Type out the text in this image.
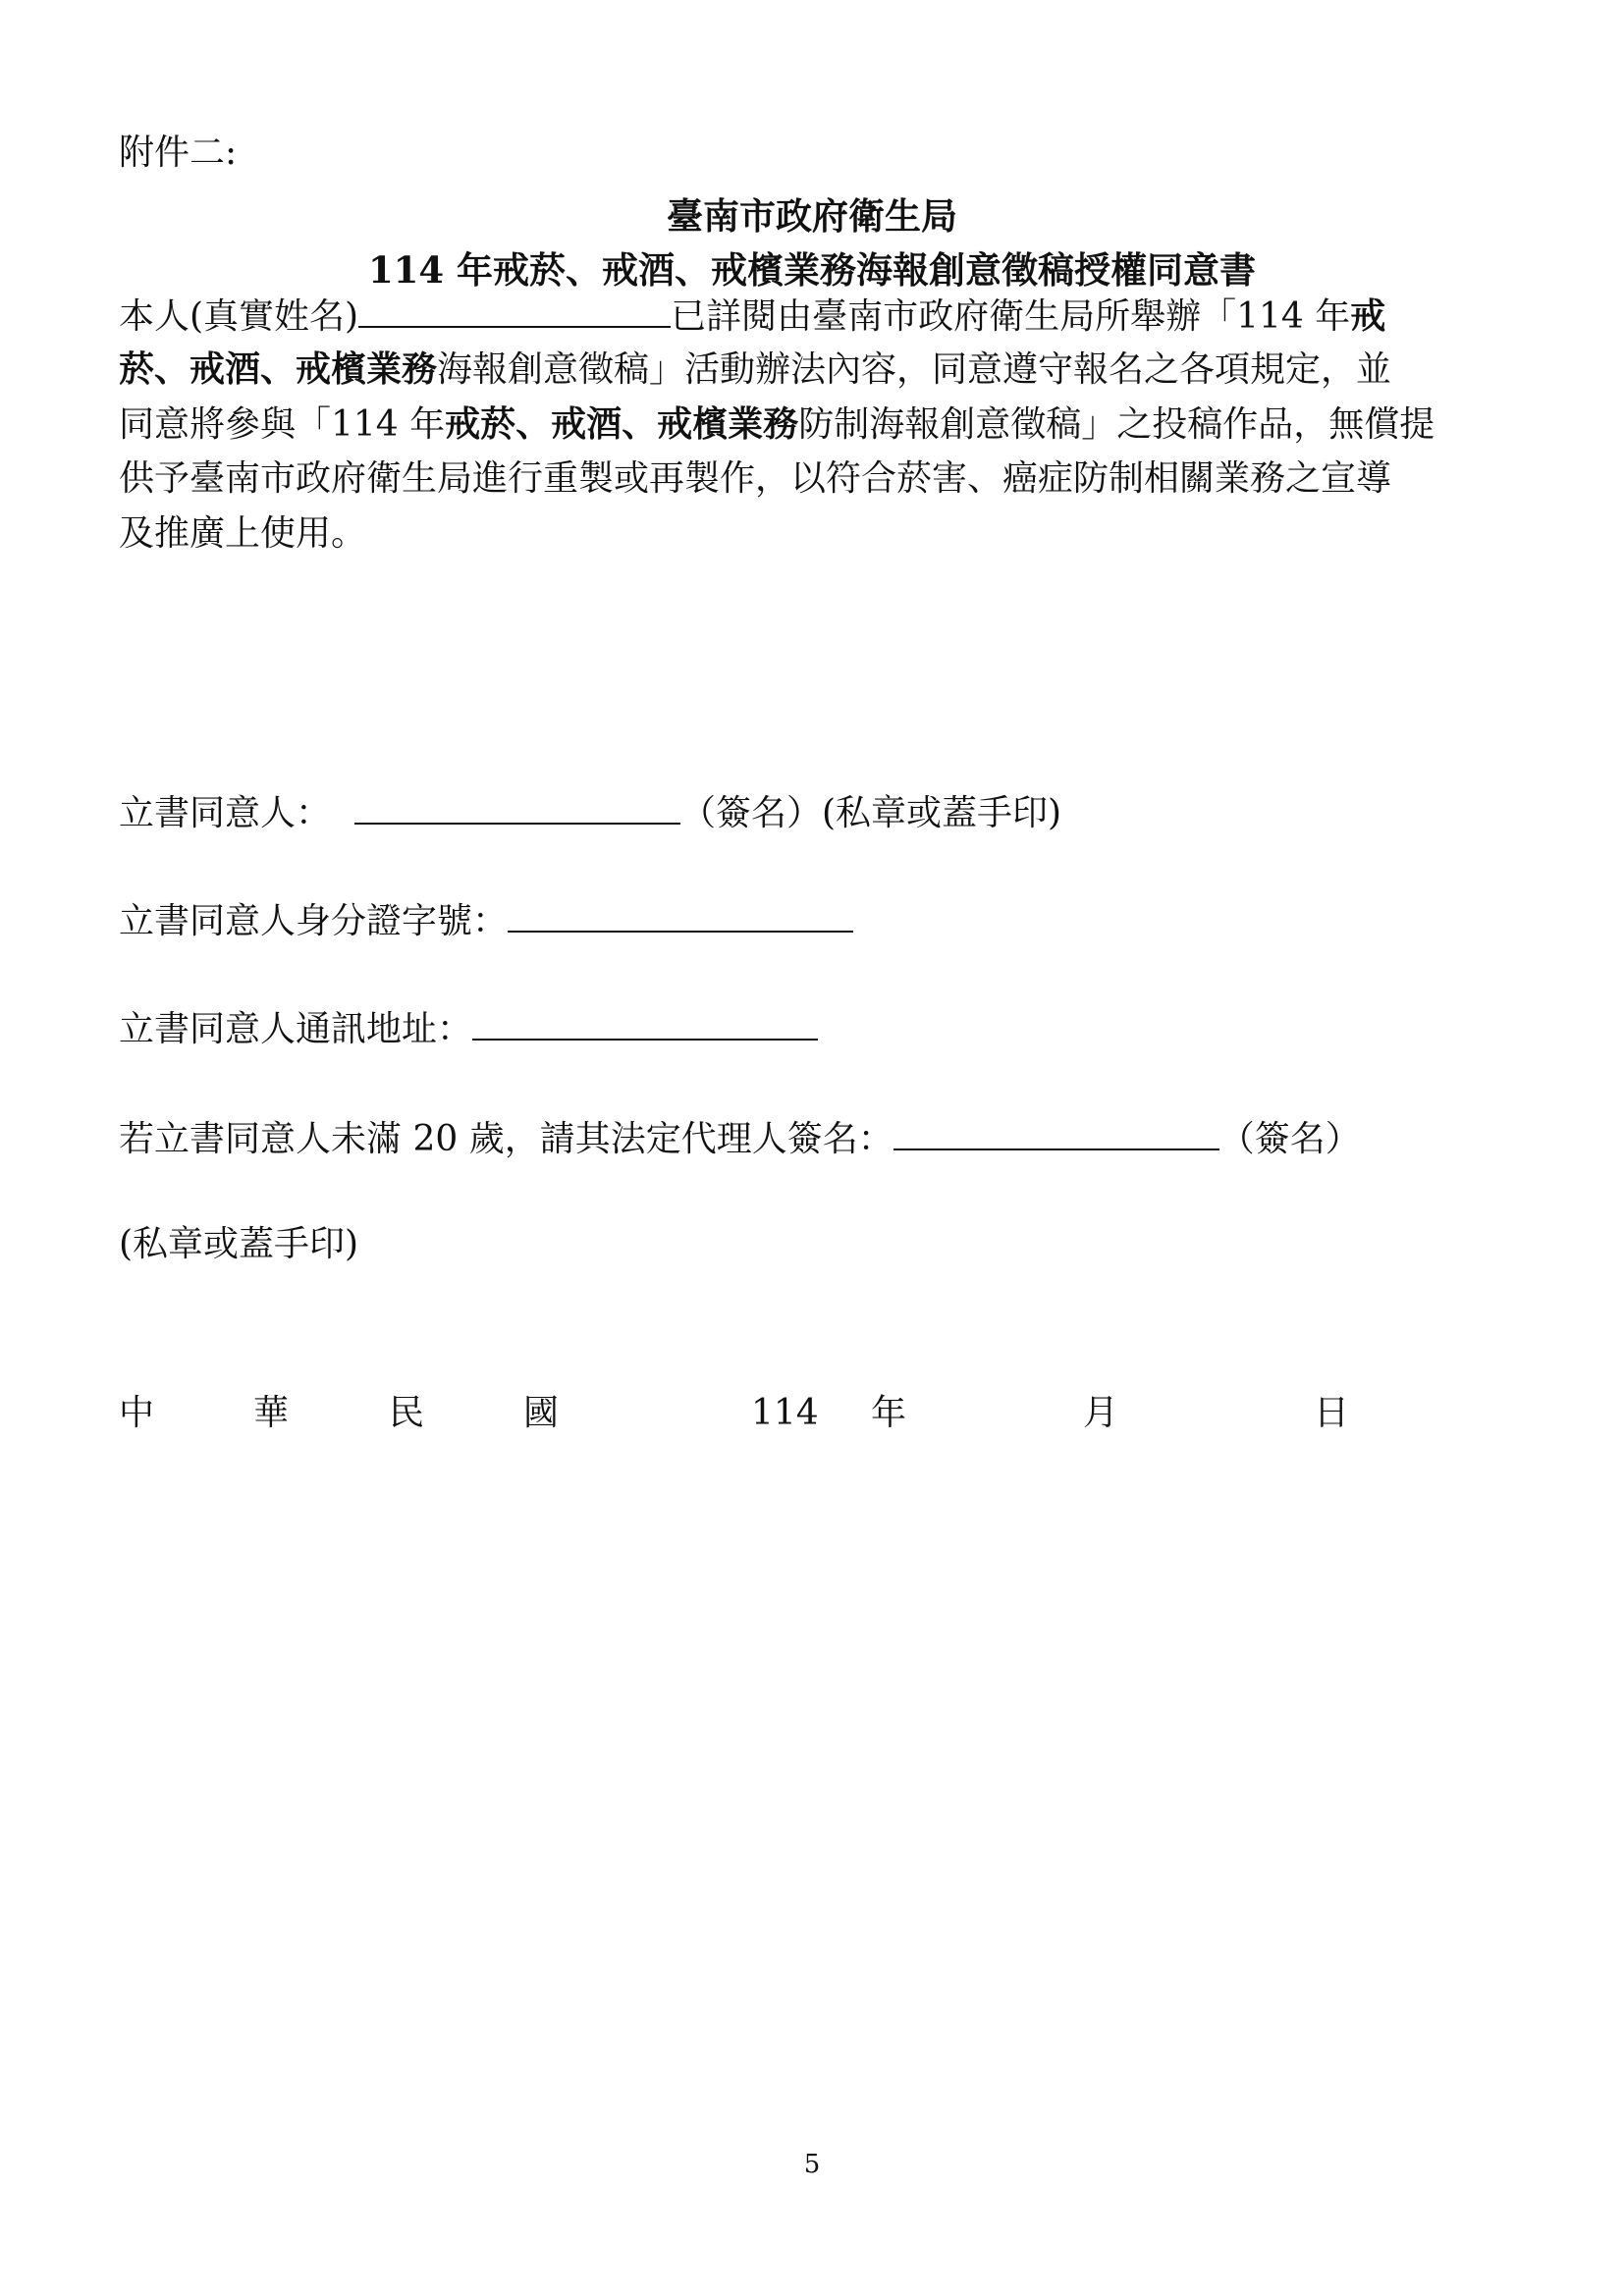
附件二:
臺南市政府衛生局
114 年戒菸、戒酒、戒檳業務海報創意徵稿授權同意書
本人(真實姓名)	已詳閱由臺南市政府衛生局所舉辦「114 年戒
菸、戒酒、戒檳業務海報創意徵稿」活動辦法內容，同意遵守報名之各項規定，並
同意將參與「114 年戒菸、戒酒、戒檳業務防制海報創意徵稿」之投稿作品，無償提
供予臺南市政府衛生局進行重製或再製作，以符合菸害、癌症防制相關業務之宣導
及推廣上使用。
立書同意人：	（簽名）(私章或蓋手印)
立書同意人身分證字號：
立書同意人通訊地址：
若立書同意人未滿 20 歲，請其法定代理人簽名：	（簽名）
(私章或蓋手印)
中	華	民	國	114 年	月	日
5
